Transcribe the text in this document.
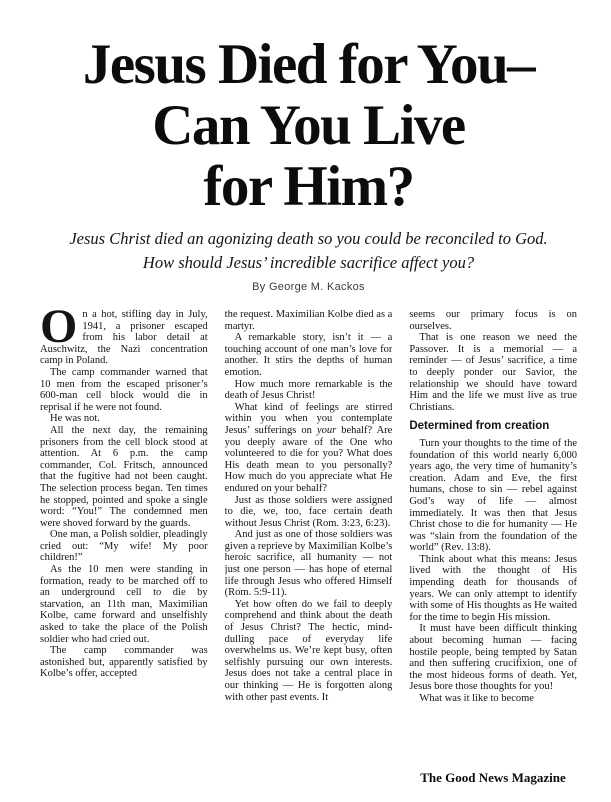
Jesus Died for You–
Can You Live
for Him?
Jesus Christ died an agonizing death so you could be reconciled to God. How should Jesus’ incredible sacrifice affect you?
By George M. Kackos

On a hot, stifling day in July, 1941, a prisoner escaped from his labor detail at Auschwitz, the Nazi concentration camp in Poland.

The camp commander warned that 10 men from the escaped prisoner’s 600-man cell block would die in reprisal if he were not found.

He was not.

All the next day, the remaining prisoners from the cell block stood at attention. At 6 p.m. the camp commander, Col. Fritsch, announced that the fugitive had not been caught. The selection process began. Ten times he stopped, pointed and spoke a single word: “You!” The condemned men were shoved forward by the guards.

One man, a Polish soldier, pleadingly cried out: “My wife! My poor children!”

As the 10 men were standing in formation, ready to be marched off to an underground cell to die by starvation, an 11th man, Maximilian Kolbe, came forward and unselfishly asked to take the place of the Polish soldier who had cried out.

The camp commander was astonished but, apparently satisfied by Kolbe’s offer, accepted

the request. Maximilian Kolbe died as a martyr.

A remarkable story, isn’t it — a touching account of one man’s love for another. It stirs the depths of human emotion.

How much more remarkable is the death of Jesus Christ!

What kind of feelings are stirred within you when you contemplate Jesus’ sufferings on your behalf? Are you deeply aware of the One who volunteered to die for you? What does His death mean to you personally? How much do you appreciate what He endured on your behalf?

Just as those soldiers were assigned to die, we, too, face certain death without Jesus Christ (Rom. 3:23, 6:23).

And just as one of those soldiers was given a reprieve by Maximilian Kolbe’s heroic sacrifice, all humanity — not just one person — has hope of eternal life through Jesus who offered Himself (Rom. 5:9-11).

Yet how often do we fail to deeply comprehend and think about the death of Jesus Christ? The hectic, mind-dulling pace of everyday life overwhelms us. We’re kept busy, often selfishly pursuing our own interests. Jesus does not take a central place in our thinking — He is forgotten along with other past events. It

seems our primary focus is on ourselves.

That is one reason we need the Passover. It is a memorial — a reminder — of Jesus’ sacrifice, a time to deeply ponder our Savior, the relationship we should have toward Him and the life we must live as true Christians.

Determined from creation

Turn your thoughts to the time of the foundation of this world nearly 6,000 years ago, the very time of humanity’s creation. Adam and Eve, the first humans, chose to sin — rebel against God’s way of life — almost immediately. It was then that Jesus Christ chose to die for humanity — He was “slain from the foundation of the world” (Rev. 13:8).

Think about what this means: Jesus lived with the thought of His impending death for thousands of years. We can only attempt to identify with some of His thoughts as He waited for the time to begin His mission.

It must have been difficult thinking about becoming human — facing hostile people, being tempted by Satan and then suffering crucifixion, one of the most hideous forms of death. Yet, Jesus bore those thoughts for you!

What was it like to become

The Good News Magazine
